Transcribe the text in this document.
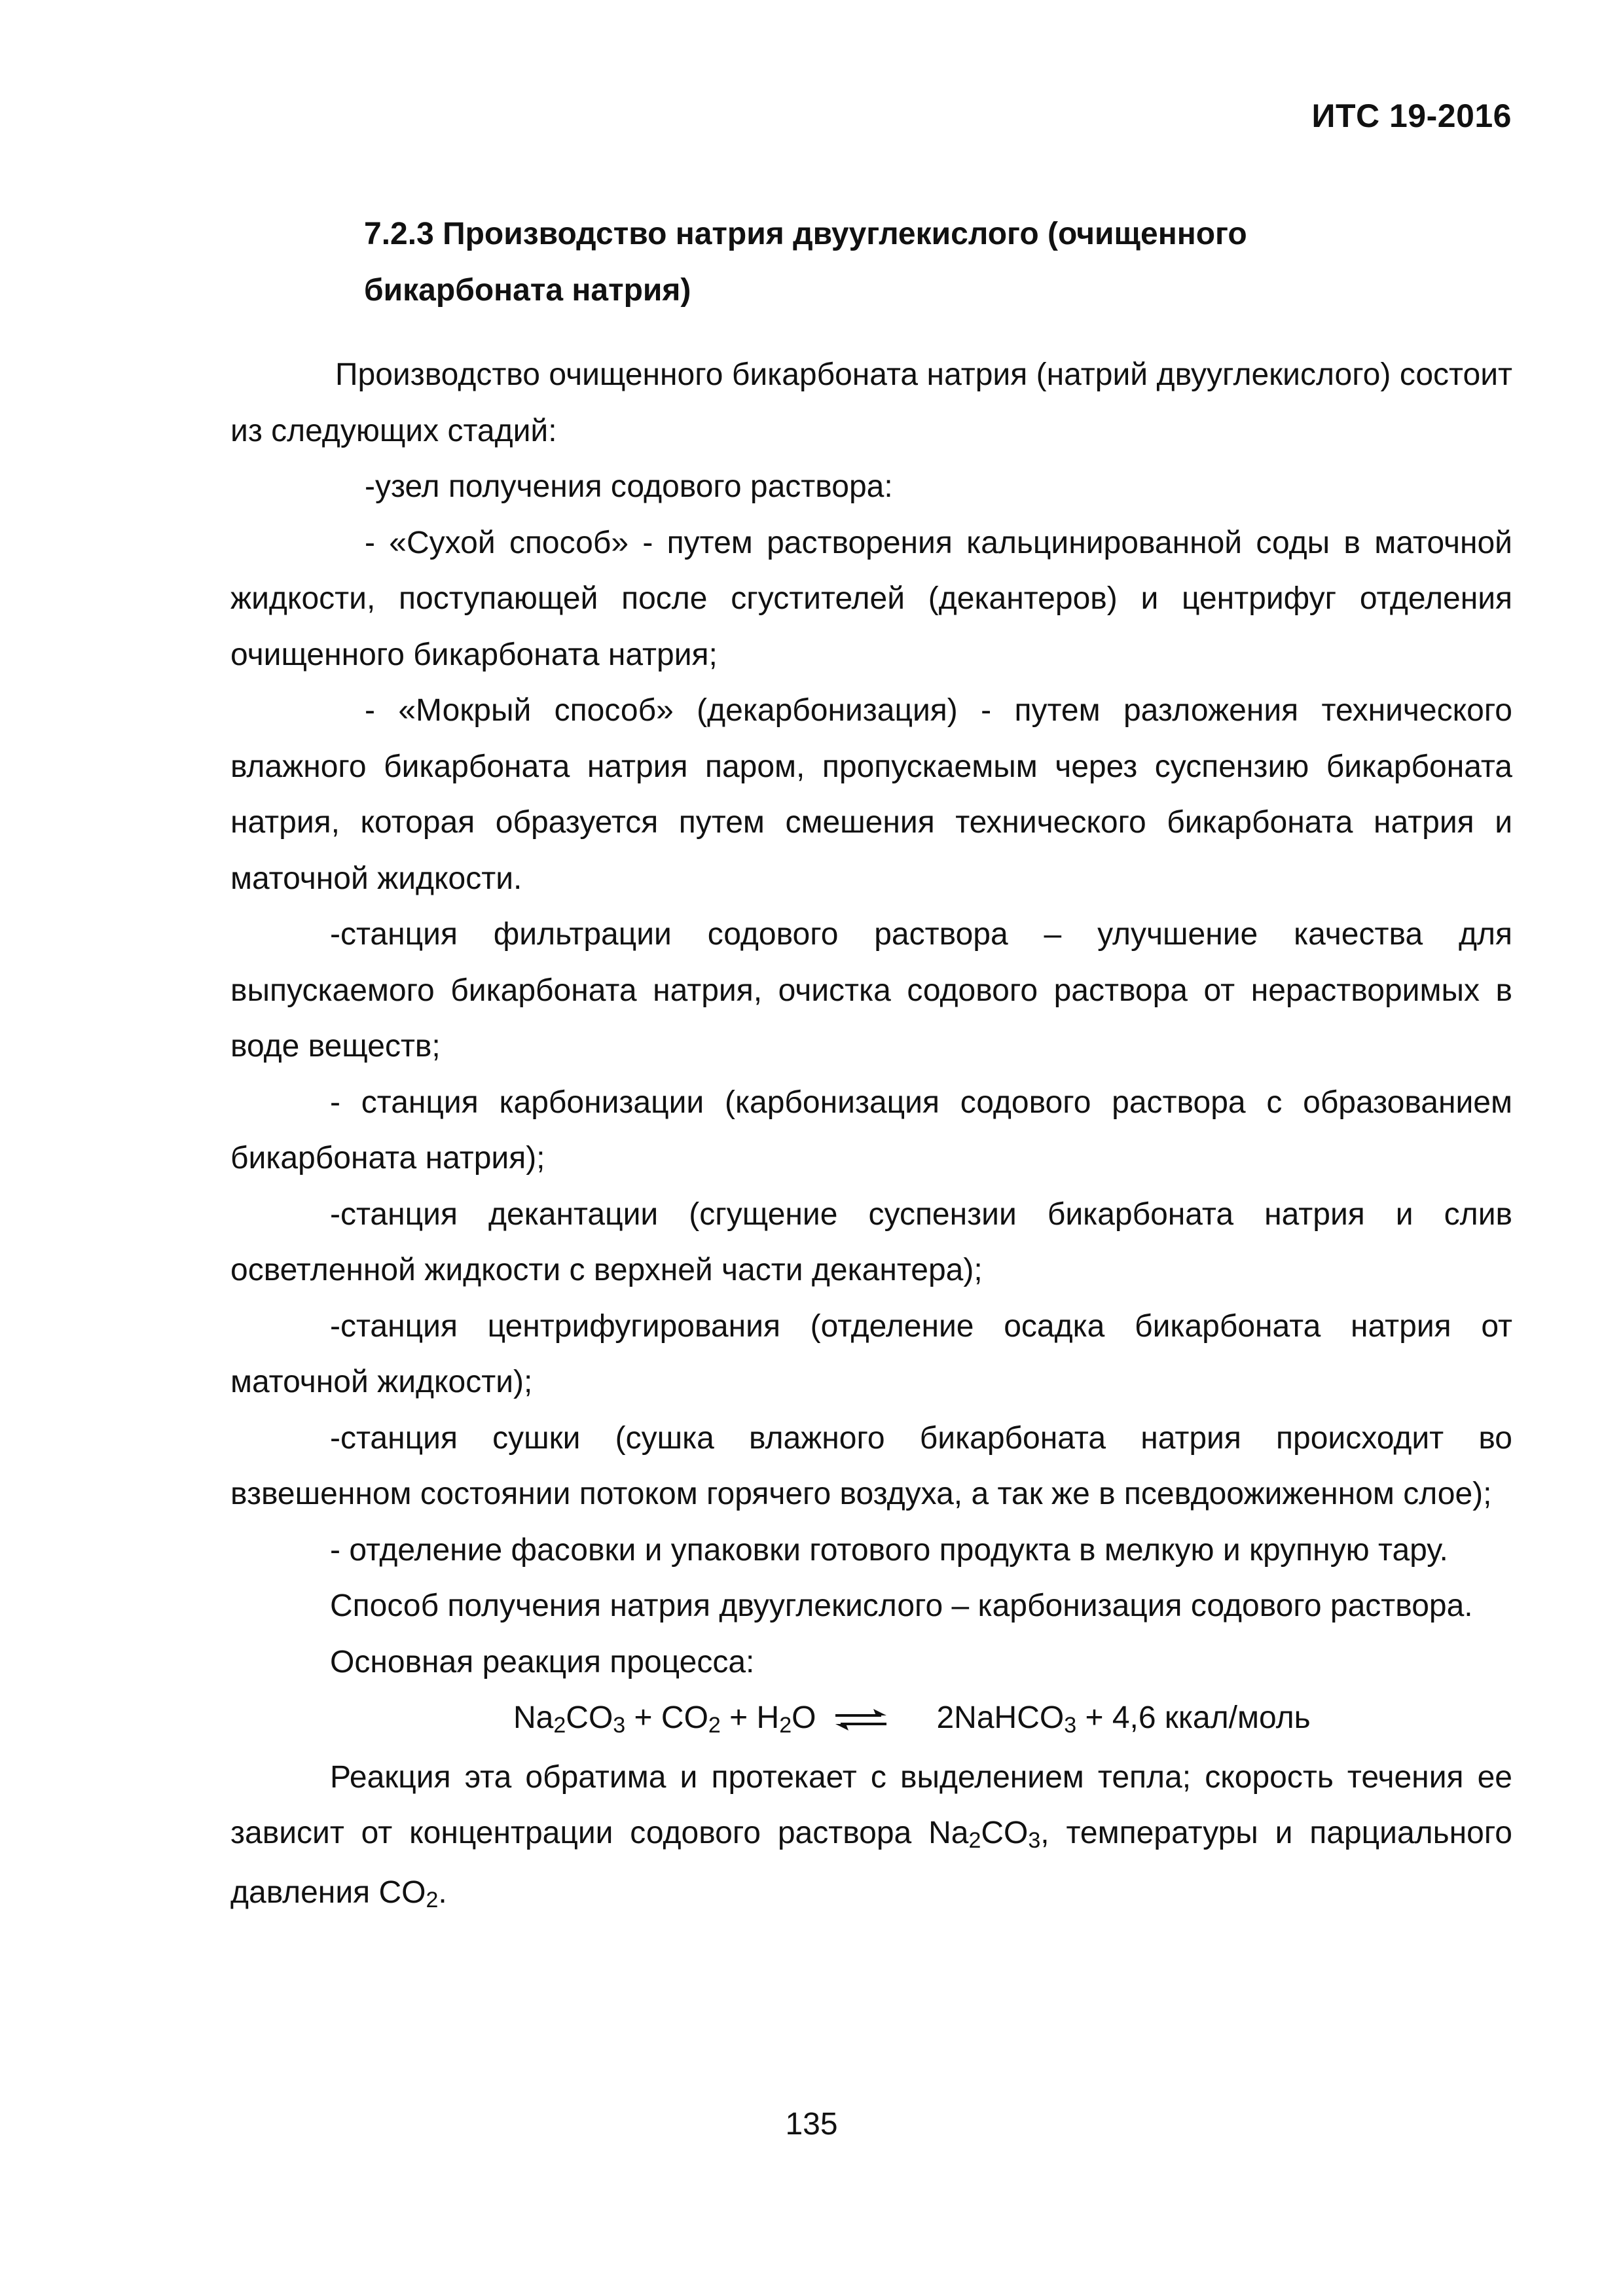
ИТС 19-2016
7.2.3 Производство натрия двууглекислого (очищенного
бикарбоната натрия)

Производство очищенного бикарбоната натрия (натрий двууглекислого) состоит из следующих стадий:

-узел получения содового раствора:

- «Сухой способ» - путем растворения кальцинированной соды в маточной жидкости, поступающей после сгустителей (декантеров) и центрифуг отделения очищенного бикарбоната натрия;

- «Мокрый способ» (декарбонизация) - путем разложения технического влажного бикарбоната натрия паром, пропускаемым через суспензию бикарбоната натрия, которая образуется путем смешения технического бикарбоната натрия и маточной жидкости.

-станция фильтрации содового раствора – улучшение качества для выпускаемого бикарбоната натрия, очистка содового раствора от нерастворимых в воде веществ;

- станция карбонизации (карбонизация содового раствора с образованием бикарбоната натрия);

-станция декантации (сгущение суспензии бикарбоната натрия и слив осветленной жидкости с верхней части декантера);

-станция центрифугирования (отделение осадка бикарбоната натрия от маточной жидкости);

-станция сушки (сушка влажного бикарбоната натрия происходит во взвешенном состоянии потоком горячего воздуха, а так же в псевдоожиженном слое);

- отделение фасовки и упаковки готового продукта в мелкую и крупную тару.

Способ получения натрия двууглекислого – карбонизация содового раствора.

Основная реакция процесса:

$Na_2CO_3 + CO_2 + H_2O$ ⇌ 2NaHCO$_3$ + 4,6 ккал/моль

Реакция эта обратима и протекает с выделением тепла; скорость течения ее зависит от концентрации содового раствора Na2CO3, температуры и парциального давления CO2.

135
